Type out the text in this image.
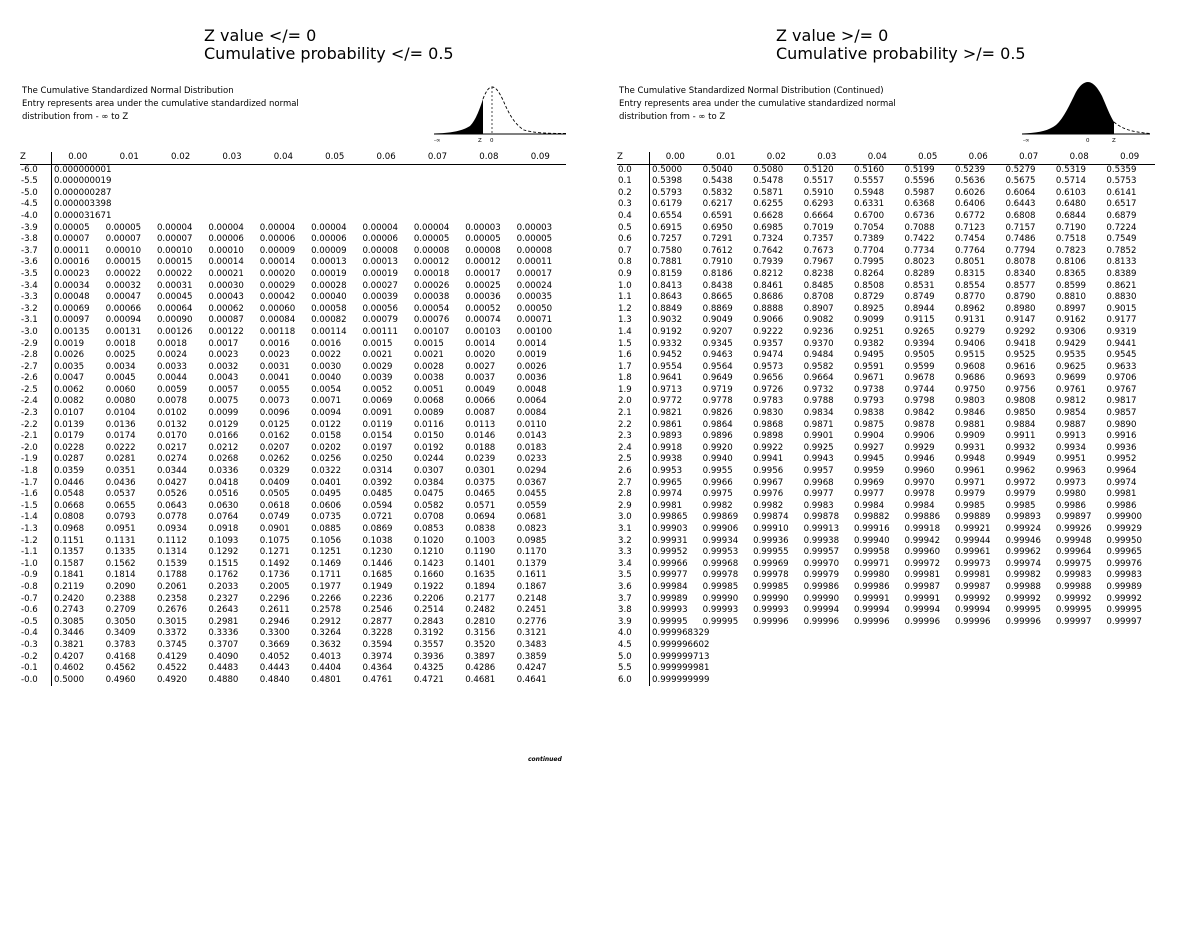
Z value </= 0
Cumulative probability </= 0.5
Z value >/= 0
Cumulative probability >/= 0.5
The Cumulative Standardized Normal Distribution
Entry represents area under the cumulative standardized normal
distribution from - ∞ to Z
The Cumulative Standardized Normal Distribution (Continued)
Entry represents area under the cumulative standardized normal
distribution from - ∞ to Z
-∞	Z 0	-∞	0	Z
Z	0.00	0.01	0.02	0.03	0.04	0.05	0.06	0.07	0.08	0.09
-6.0	0.000000001									
-5.5	0.000000019									
-5.0	0.000000287									
-4.5	0.000003398									
-4.0	0.000031671									
-3.9	0.00005	0.00005	0.00004	0.00004	0.00004	0.00004	0.00004	0.00004	0.00003	0.00003
-3.8	0.00007	0.00007	0.00007	0.00006	0.00006	0.00006	0.00006	0.00005	0.00005	0.00005
-3.7	0.00011	0.00010	0.00010	0.00010	0.00009	0.00009	0.00008	0.00008	0.00008	0.00008
-3.6	0.00016	0.00015	0.00015	0.00014	0.00014	0.00013	0.00013	0.00012	0.00012	0.00011
-3.5	0.00023	0.00022	0.00022	0.00021	0.00020	0.00019	0.00019	0.00018	0.00017	0.00017
-3.4	0.00034	0.00032	0.00031	0.00030	0.00029	0.00028	0.00027	0.00026	0.00025	0.00024
-3.3	0.00048	0.00047	0.00045	0.00043	0.00042	0.00040	0.00039	0.00038	0.00036	0.00035
-3.2	0.00069	0.00066	0.00064	0.00062	0.00060	0.00058	0.00056	0.00054	0.00052	0.00050
-3.1	0.00097	0.00094	0.00090	0.00087	0.00084	0.00082	0.00079	0.00076	0.00074	0.00071
-3.0	0.00135	0.00131	0.00126	0.00122	0.00118	0.00114	0.00111	0.00107	0.00103	0.00100
-2.9	0.0019	0.0018	0.0018	0.0017	0.0016	0.0016	0.0015	0.0015	0.0014	0.0014
-2.8	0.0026	0.0025	0.0024	0.0023	0.0023	0.0022	0.0021	0.0021	0.0020	0.0019
-2.7	0.0035	0.0034	0.0033	0.0032	0.0031	0.0030	0.0029	0.0028	0.0027	0.0026
-2.6	0.0047	0.0045	0.0044	0.0043	0.0041	0.0040	0.0039	0.0038	0.0037	0.0036
-2.5	0.0062	0.0060	0.0059	0.0057	0.0055	0.0054	0.0052	0.0051	0.0049	0.0048
-2.4	0.0082	0.0080	0.0078	0.0075	0.0073	0.0071	0.0069	0.0068	0.0066	0.0064
-2.3	0.0107	0.0104	0.0102	0.0099	0.0096	0.0094	0.0091	0.0089	0.0087	0.0084
-2.2	0.0139	0.0136	0.0132	0.0129	0.0125	0.0122	0.0119	0.0116	0.0113	0.0110
-2.1	0.0179	0.0174	0.0170	0.0166	0.0162	0.0158	0.0154	0.0150	0.0146	0.0143
-2.0	0.0228	0.0222	0.0217	0.0212	0.0207	0.0202	0.0197	0.0192	0.0188	0.0183
-1.9	0.0287	0.0281	0.0274	0.0268	0.0262	0.0256	0.0250	0.0244	0.0239	0.0233
-1.8	0.0359	0.0351	0.0344	0.0336	0.0329	0.0322	0.0314	0.0307	0.0301	0.0294
-1.7	0.0446	0.0436	0.0427	0.0418	0.0409	0.0401	0.0392	0.0384	0.0375	0.0367
-1.6	0.0548	0.0537	0.0526	0.0516	0.0505	0.0495	0.0485	0.0475	0.0465	0.0455
-1.5	0.0668	0.0655	0.0643	0.0630	0.0618	0.0606	0.0594	0.0582	0.0571	0.0559
-1.4	0.0808	0.0793	0.0778	0.0764	0.0749	0.0735	0.0721	0.0708	0.0694	0.0681
-1.3	0.0968	0.0951	0.0934	0.0918	0.0901	0.0885	0.0869	0.0853	0.0838	0.0823
-1.2	0.1151	0.1131	0.1112	0.1093	0.1075	0.1056	0.1038	0.1020	0.1003	0.0985
-1.1	0.1357	0.1335	0.1314	0.1292	0.1271	0.1251	0.1230	0.1210	0.1190	0.1170
-1.0	0.1587	0.1562	0.1539	0.1515	0.1492	0.1469	0.1446	0.1423	0.1401	0.1379
-0.9	0.1841	0.1814	0.1788	0.1762	0.1736	0.1711	0.1685	0.1660	0.1635	0.1611
-0.8	0.2119	0.2090	0.2061	0.2033	0.2005	0.1977	0.1949	0.1922	0.1894	0.1867
-0.7	0.2420	0.2388	0.2358	0.2327	0.2296	0.2266	0.2236	0.2206	0.2177	0.2148
-0.6	0.2743	0.2709	0.2676	0.2643	0.2611	0.2578	0.2546	0.2514	0.2482	0.2451
-0.5	0.3085	0.3050	0.3015	0.2981	0.2946	0.2912	0.2877	0.2843	0.2810	0.2776
-0.4	0.3446	0.3409	0.3372	0.3336	0.3300	0.3264	0.3228	0.3192	0.3156	0.3121
-0.3	0.3821	0.3783	0.3745	0.3707	0.3669	0.3632	0.3594	0.3557	0.3520	0.3483
-0.2	0.4207	0.4168	0.4129	0.4090	0.4052	0.4013	0.3974	0.3936	0.3897	0.3859
-0.1	0.4602	0.4562	0.4522	0.4483	0.4443	0.4404	0.4364	0.4325	0.4286	0.4247
-0.0	0.5000	0.4960	0.4920	0.4880	0.4840	0.4801	0.4761	0.4721	0.4681	0.4641
Z	0.00	0.01	0.02	0.03	0.04	0.05	0.06	0.07	0.08	0.09
0.0	0.5000	0.5040	0.5080	0.5120	0.5160	0.5199	0.5239	0.5279	0.5319	0.5359
0.1	0.5398	0.5438	0.5478	0.5517	0.5557	0.5596	0.5636	0.5675	0.5714	0.5753
0.2	0.5793	0.5832	0.5871	0.5910	0.5948	0.5987	0.6026	0.6064	0.6103	0.6141
0.3	0.6179	0.6217	0.6255	0.6293	0.6331	0.6368	0.6406	0.6443	0.6480	0.6517
0.4	0.6554	0.6591	0.6628	0.6664	0.6700	0.6736	0.6772	0.6808	0.6844	0.6879
0.5	0.6915	0.6950	0.6985	0.7019	0.7054	0.7088	0.7123	0.7157	0.7190	0.7224
0.6	0.7257	0.7291	0.7324	0.7357	0.7389	0.7422	0.7454	0.7486	0.7518	0.7549
0.7	0.7580	0.7612	0.7642	0.7673	0.7704	0.7734	0.7764	0.7794	0.7823	0.7852
0.8	0.7881	0.7910	0.7939	0.7967	0.7995	0.8023	0.8051	0.8078	0.8106	0.8133
0.9	0.8159	0.8186	0.8212	0.8238	0.8264	0.8289	0.8315	0.8340	0.8365	0.8389
1.0	0.8413	0.8438	0.8461	0.8485	0.8508	0.8531	0.8554	0.8577	0.8599	0.8621
1.1	0.8643	0.8665	0.8686	0.8708	0.8729	0.8749	0.8770	0.8790	0.8810	0.8830
1.2	0.8849	0.8869	0.8888	0.8907	0.8925	0.8944	0.8962	0.8980	0.8997	0.9015
1.3	0.9032	0.9049	0.9066	0.9082	0.9099	0.9115	0.9131	0.9147	0.9162	0.9177
1.4	0.9192	0.9207	0.9222	0.9236	0.9251	0.9265	0.9279	0.9292	0.9306	0.9319
1.5	0.9332	0.9345	0.9357	0.9370	0.9382	0.9394	0.9406	0.9418	0.9429	0.9441
1.6	0.9452	0.9463	0.9474	0.9484	0.9495	0.9505	0.9515	0.9525	0.9535	0.9545
1.7	0.9554	0.9564	0.9573	0.9582	0.9591	0.9599	0.9608	0.9616	0.9625	0.9633
1.8	0.9641	0.9649	0.9656	0.9664	0.9671	0.9678	0.9686	0.9693	0.9699	0.9706
1.9	0.9713	0.9719	0.9726	0.9732	0.9738	0.9744	0.9750	0.9756	0.9761	0.9767
2.0	0.9772	0.9778	0.9783	0.9788	0.9793	0.9798	0.9803	0.9808	0.9812	0.9817
2.1	0.9821	0.9826	0.9830	0.9834	0.9838	0.9842	0.9846	0.9850	0.9854	0.9857
2.2	0.9861	0.9864	0.9868	0.9871	0.9875	0.9878	0.9881	0.9884	0.9887	0.9890
2.3	0.9893	0.9896	0.9898	0.9901	0.9904	0.9906	0.9909	0.9911	0.9913	0.9916
2.4	0.9918	0.9920	0.9922	0.9925	0.9927	0.9929	0.9931	0.9932	0.9934	0.9936
2.5	0.9938	0.9940	0.9941	0.9943	0.9945	0.9946	0.9948	0.9949	0.9951	0.9952
2.6	0.9953	0.9955	0.9956	0.9957	0.9959	0.9960	0.9961	0.9962	0.9963	0.9964
2.7	0.9965	0.9966	0.9967	0.9968	0.9969	0.9970	0.9971	0.9972	0.9973	0.9974
2.8	0.9974	0.9975	0.9976	0.9977	0.9977	0.9978	0.9979	0.9979	0.9980	0.9981
2.9	0.9981	0.9982	0.9982	0.9983	0.9984	0.9984	0.9985	0.9985	0.9986	0.9986
3.0	0.99865	0.99869	0.99874	0.99878	0.99882	0.99886	0.99889	0.99893	0.99897	0.99900
3.1	0.99903	0.99906	0.99910	0.99913	0.99916	0.99918	0.99921	0.99924	0.99926	0.99929
3.2	0.99931	0.99934	0.99936	0.99938	0.99940	0.99942	0.99944	0.99946	0.99948	0.99950
3.3	0.99952	0.99953	0.99955	0.99957	0.99958	0.99960	0.99961	0.99962	0.99964	0.99965
3.4	0.99966	0.99968	0.99969	0.99970	0.99971	0.99972	0.99973	0.99974	0.99975	0.99976
3.5	0.99977	0.99978	0.99978	0.99979	0.99980	0.99981	0.99981	0.99982	0.99983	0.99983
3.6	0.99984	0.99985	0.99985	0.99986	0.99986	0.99987	0.99987	0.99988	0.99988	0.99989
3.7	0.99989	0.99990	0.99990	0.99990	0.99991	0.99991	0.99992	0.99992	0.99992	0.99992
3.8	0.99993	0.99993	0.99993	0.99994	0.99994	0.99994	0.99994	0.99995	0.99995	0.99995
3.9	0.99995	0.99995	0.99996	0.99996	0.99996	0.99996	0.99996	0.99996	0.99997	0.99997
4.0	0.999968329									
4.5	0.999996602									
5.0	0.999999713									
5.5	0.999999981									
6.0	0.999999999									
continued
